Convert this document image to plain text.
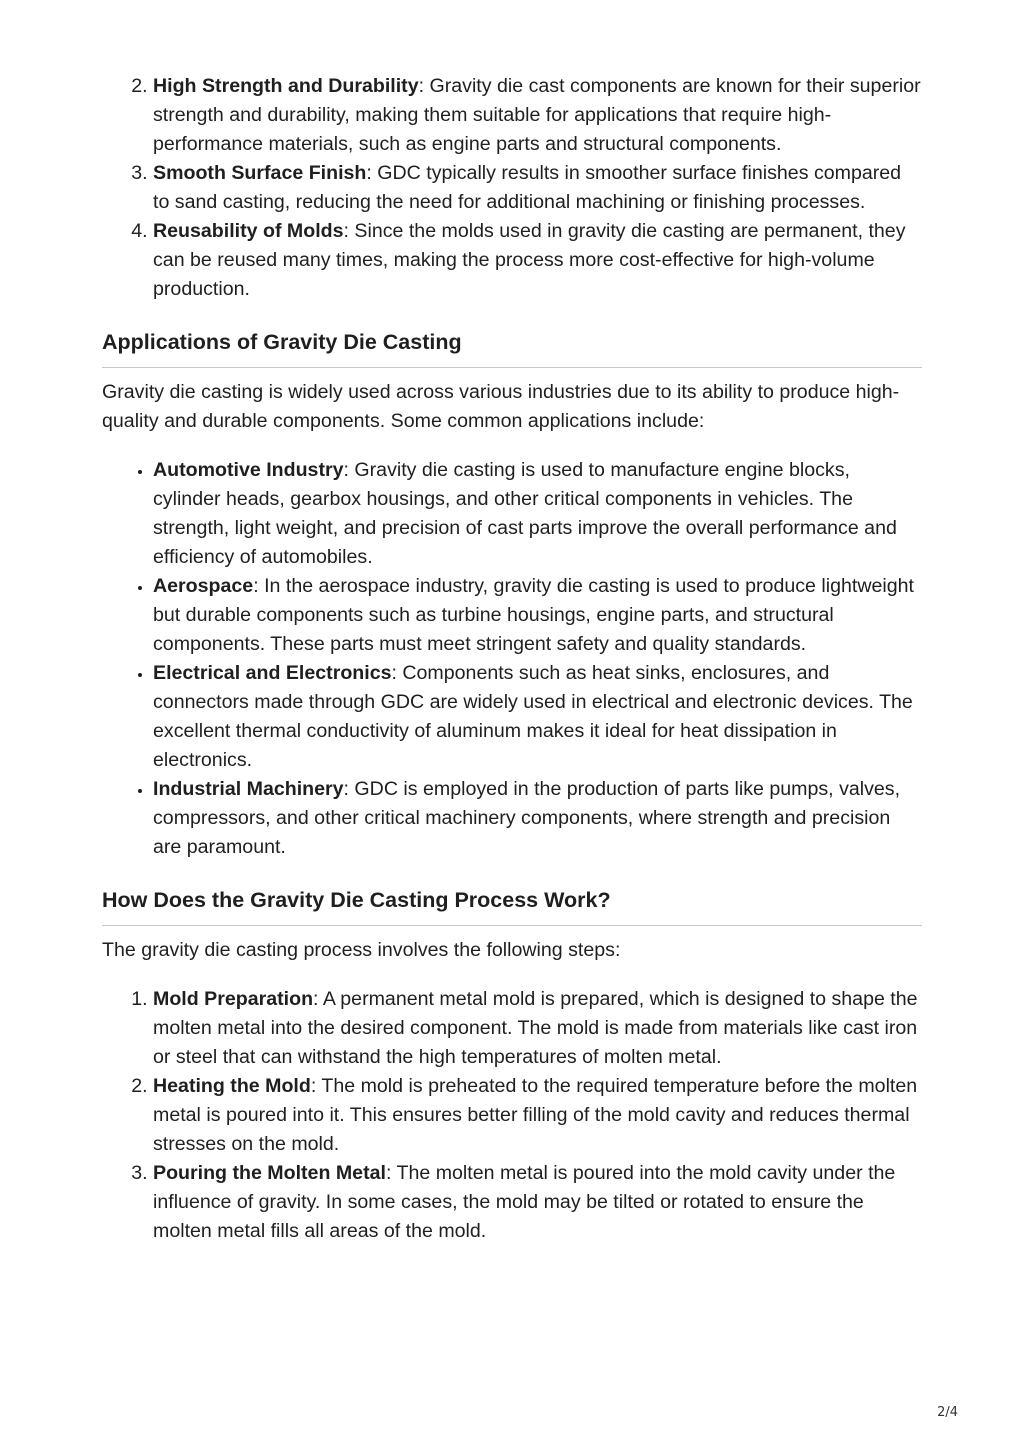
2. High Strength and Durability: Gravity die cast components are known for their superior strength and durability, making them suitable for applications that require high-performance materials, such as engine parts and structural components.
3. Smooth Surface Finish: GDC typically results in smoother surface finishes compared to sand casting, reducing the need for additional machining or finishing processes.
4. Reusability of Molds: Since the molds used in gravity die casting are permanent, they can be reused many times, making the process more cost-effective for high-volume production.
Applications of Gravity Die Casting

Gravity die casting is widely used across various industries due to its ability to produce high-quality and durable components. Some common applications include:

• Automotive Industry: Gravity die casting is used to manufacture engine blocks, cylinder heads, gearbox housings, and other critical components in vehicles. The strength, light weight, and precision of cast parts improve the overall performance and efficiency of automobiles.
• Aerospace: In the aerospace industry, gravity die casting is used to produce lightweight but durable components such as turbine housings, engine parts, and structural components. These parts must meet stringent safety and quality standards.
• Electrical and Electronics: Components such as heat sinks, enclosures, and connectors made through GDC are widely used in electrical and electronic devices. The excellent thermal conductivity of aluminum makes it ideal for heat dissipation in electronics.
• Industrial Machinery: GDC is employed in the production of parts like pumps, valves, compressors, and other critical machinery components, where strength and precision are paramount.
How Does the Gravity Die Casting Process Work?

The gravity die casting process involves the following steps:

1. Mold Preparation: A permanent metal mold is prepared, which is designed to shape the molten metal into the desired component. The mold is made from materials like cast iron or steel that can withstand the high temperatures of molten metal.
2. Heating the Mold: The mold is preheated to the required temperature before the molten metal is poured into it. This ensures better filling of the mold cavity and reduces thermal stresses on the mold.
3. Pouring the Molten Metal: The molten metal is poured into the mold cavity under the influence of gravity. In some cases, the mold may be tilted or rotated to ensure the molten metal fills all areas of the mold.
2/4
